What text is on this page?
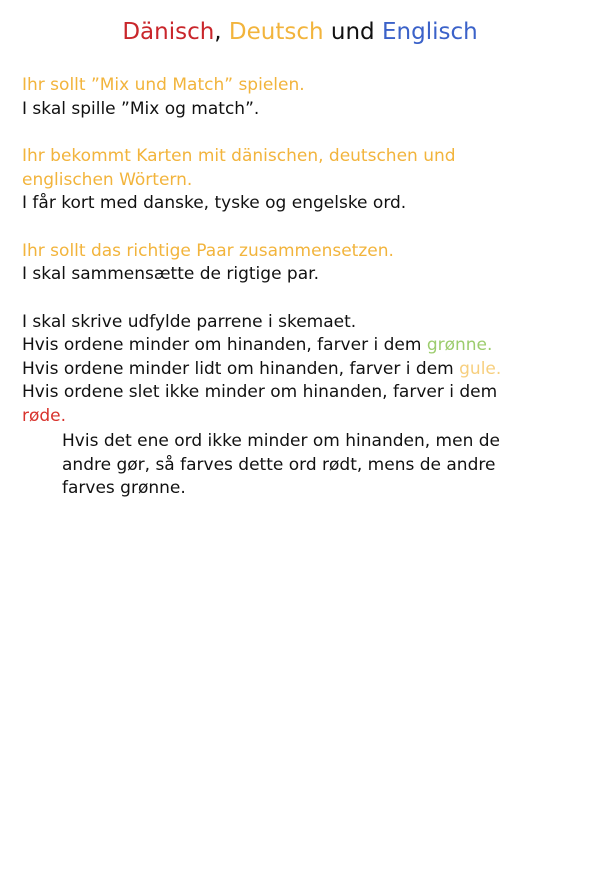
Dänisch, Deutsch und Englisch
Ihr sollt ”Mix und Match” spielen.
I skal spille ”Mix og match”.
Ihr bekommt Karten mit dänischen, deutschen und
englischen Wörtern.
I får kort med danske, tyske og engelske ord.
Ihr sollt das richtige Paar zusammensetzen.
I skal sammensætte de rigtige par.
I skal skrive udfylde parrene i skemaet.
Hvis ordene minder om hinanden, farver i dem grønne.
Hvis ordene minder lidt om hinanden, farver i dem gule.
Hvis ordene slet ikke minder om hinanden, farver i dem
røde.
Hvis det ene ord ikke minder om hinanden, men de
andre gør, så farves dette ord rødt, mens de andre
farves grønne.
